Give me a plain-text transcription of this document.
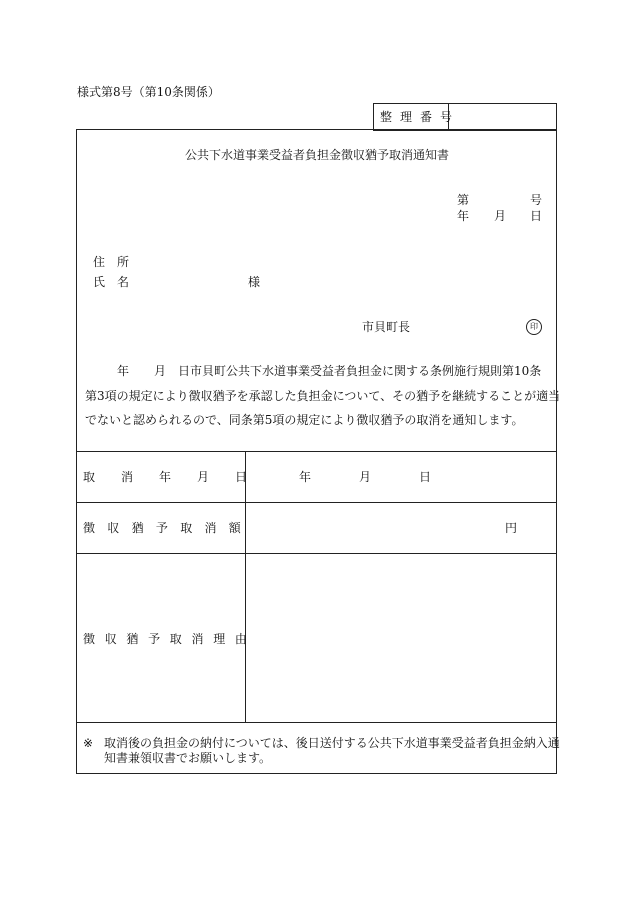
様式第8号（第10条関係）
整理番号
公共下水道事業受益者負担金徴収猶予取消通知書
第	号
年 月 日
住所
氏名	様
市貝町長	印
年 月 日市貝町公共下水道事業受益者負担金に関する条例施行規則第10条
第3項の規定により徴収猶予を承認した負担金について、その猶予を継続することが適当
でないと認められるので、同条第5項の規定により徴収猶予の取消を通知します。
取消年月日 年	月	日
徴収猶予取消額	円
徴収猶予取消理由
※ 取消後の負担金の納付については、後日送付する公共下水道事業受益者負担金納入通
知書兼領収書でお願いします。
